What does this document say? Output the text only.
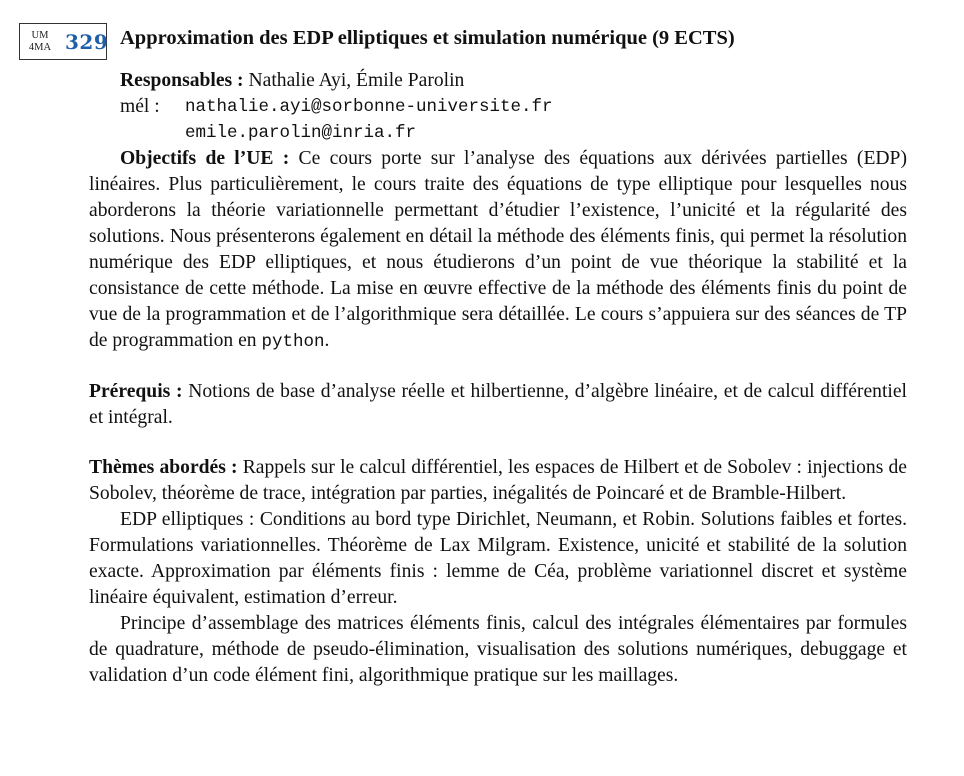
UM
4MA 329 Approximation des EDP elliptiques et simulation numérique (9 ECTS)
Responsables : Nathalie Ayi, Émile Parolin
mél : nathalie.ayi@sorbonne-universite.fr
emile.parolin@inria.fr

Objectifs de l’UE : Ce cours porte sur l’analyse des équations aux dérivées partielles (EDP) linéaires. Plus particulièrement, le cours traite des équations de type elliptique pour lesquelles nous aborderons la théorie variationnelle permettant d’étudier l’existence, l’unicité et la régularité des solutions. Nous présenterons également en détail la méthode des éléments finis, qui permet la résolution numérique des EDP elliptiques, et nous étudierons d’un point de vue théorique la stabilité et la consistance de cette méthode. La mise en œuvre effective de la méthode des éléments finis du point de vue de la programmation et de l’algorithmique sera détaillée. Le cours s’appuiera sur des séances de TP de programmation en python.

Prérequis : Notions de base d’analyse réelle et hilbertienne, d’algèbre linéaire, et de calcul différentiel et intégral.

Thèmes abordés : Rappels sur le calcul différentiel, les espaces de Hilbert et de Sobolev : injections de Sobolev, théorème de trace, intégration par parties, inégalités de Poincaré et de Bramble-Hilbert.

EDP elliptiques : Conditions au bord type Dirichlet, Neumann, et Robin. Solutions faibles et fortes. Formulations variationnelles. Théorème de Lax Milgram. Existence, unicité et stabilité de la solution exacte. Approximation par éléments finis : lemme de Céa, problème variationnel discret et système linéaire équivalent, estimation d’erreur.

Principe d’assemblage des matrices éléments finis, calcul des intégrales élémentaires par formules de quadrature, méthode de pseudo-élimination, visualisation des solutions numériques, debuggage et validation d’un code élément fini, algorithmique pratique sur les maillages.
